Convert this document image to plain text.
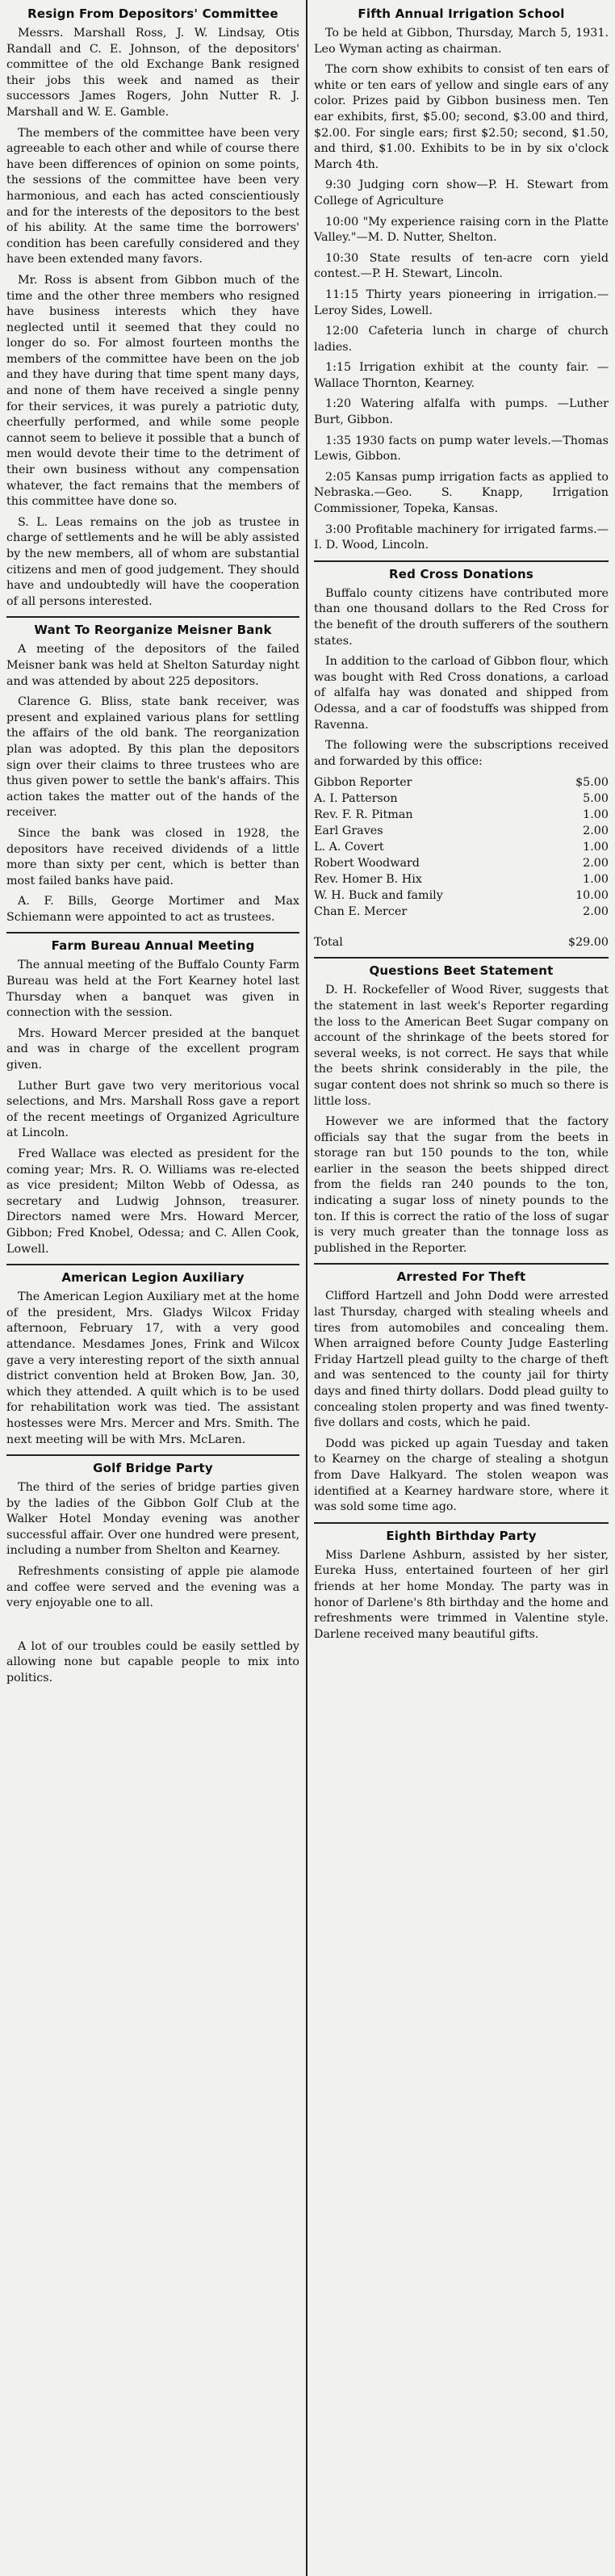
Resign From Depositors' Committee

Messrs. Marshall Ross, J. W. Lindsay, Otis Randall and C. E. Johnson, of the depositors' committee of the old Exchange Bank resigned their jobs this week and named as their successors James Rogers, John Nutter R. J. Marshall and W. E. Gamble.

The members of the committee have been very agreeable to each other and while of course there have been differences of opinion on some points, the sessions of the committee have been very harmonious, and each has acted conscientiously and for the interests of the depositors to the best of his ability. At the same time the borrowers' condition has been carefully considered and they have been extended many favors.

Mr. Ross is absent from Gibbon much of the time and the other three members who resigned have business interests which they have neglected until it seemed that they could no longer do so. For almost fourteen months the members of the committee have been on the job and they have during that time spent many days, and none of them have received a single penny for their services, it was purely a patriotic duty, cheerfully performed, and while some people cannot seem to believe it possible that a bunch of men would devote their time to the detriment of their own business without any compensation whatever, the fact remains that the members of this committee have done so.

S. L. Leas remains on the job as trustee in charge of settlements and he will be ably assisted by the new members, all of whom are substantial citizens and men of good judgement. They should have and undoubtedly will have the cooperation of all persons interested.

Want To Reorganize Meisner Bank

A meeting of the depositors of the failed Meisner bank was held at Shelton Saturday night and was attended by about 225 depositors.

Clarence G. Bliss, state bank receiver, was present and explained various plans for settling the affairs of the old bank. The reorganization plan was adopted. By this plan the depositors sign over their claims to three trustees who are thus given power to settle the bank's affairs. This action takes the matter out of the hands of the receiver.

Since the bank was closed in 1928, the depositors have received dividends of a little more than sixty per cent, which is better than most failed banks have paid.

A. F. Bills, George Mortimer and Max Schiemann were appointed to act as trustees.

Farm Bureau Annual Meeting

The annual meeting of the Buffalo County Farm Bureau was held at the Fort Kearney hotel last Thursday when a banquet was given in connection with the session.

Mrs. Howard Mercer presided at the banquet and was in charge of the excellent program given.

Luther Burt gave two very meritorious vocal selections, and Mrs. Marshall Ross gave a report of the recent meetings of Organized Agriculture at Lincoln.

Fred Wallace was elected as president for the coming year; Mrs. R. O. Williams was re-elected as vice president; Milton Webb of Odessa, as secretary and Ludwig Johnson, treasurer. Directors named were Mrs. Howard Mercer, Gibbon; Fred Knobel, Odessa; and C. Allen Cook, Lowell.

American Legion Auxiliary

The American Legion Auxiliary met at the home of the president, Mrs. Gladys Wilcox Friday afternoon, February 17, with a very good attendance. Mesdames Jones, Frink and Wilcox gave a very interesting report of the sixth annual district convention held at Broken Bow, Jan. 30, which they attended. A quilt which is to be used for rehabilitation work was tied. The assistant hostesses were Mrs. Mercer and Mrs. Smith. The next meeting will be with Mrs. McLaren.

Golf Bridge Party

The third of the series of bridge parties given by the ladies of the Gibbon Golf Club at the Walker Hotel Monday evening was another successful affair. Over one hundred were present, including a number from Shelton and Kearney.

Refreshments consisting of apple pie alamode and coffee were served and the evening was a very enjoyable one to all.

A lot of our troubles could be easily settled by allowing none but capable people to mix into politics.

Fifth Annual Irrigation School

To be held at Gibbon, Thursday, March 5, 1931. Leo Wyman acting as chairman.

The corn show exhibits to consist of ten ears of white or ten ears of yellow and single ears of any color. Prizes paid by Gibbon business men. Ten ear exhibits, first, $5.00; second, $3.00 and third, $2.00. For single ears; first $2.50; second, $1.50, and third, $1.00. Exhibits to be in by six o'clock March 4th.

9:30 Judging corn show—P. H. Stewart from College of Agriculture

10:00 "My experience raising corn in the Platte Valley."—M. D. Nutter, Shelton.

10:30 State results of ten-acre corn yield contest.—P. H. Stewart, Lincoln.

11:15 Thirty years pioneering in irrigation.—Leroy Sides, Lowell.

12:00 Cafeteria lunch in charge of church ladies.

1:15 Irrigation exhibit at the county fair. — Wallace Thornton, Kearney.

1:20 Watering alfalfa with pumps. —Luther Burt, Gibbon.

1:35 1930 facts on pump water levels.—Thomas Lewis, Gibbon.

2:05 Kansas pump irrigation facts as applied to Nebraska.—Geo. S. Knapp, Irrigation Commissioner, Topeka, Kansas.

3:00 Profitable machinery for irrigated farms.—I. D. Wood, Lincoln.

Red Cross Donations

Buffalo county citizens have contributed more than one thousand dollars to the Red Cross for the benefit of the drouth sufferers of the southern states.

In addition to the carload of Gibbon flour, which was bought with Red Cross donations, a carload of alfalfa hay was donated and shipped from Odessa, and a car of foodstuffs was shipped from Ravenna.

The following were the subscriptions received and forwarded by this office:

Gibbon Reporter	$5.00
A. I. Patterson	5.00
Rev. F. R. Pitman	1.00
Earl Graves	2.00
L. A. Covert	1.00
Robert Woodward	2.00
Rev. Homer B. Hix	1.00
W. H. Buck and family	10.00
Chan E. Mercer	2.00
Total	$29.00
Questions Beet Statement

D. H. Rockefeller of Wood River, suggests that the statement in last week's Reporter regarding the loss to the American Beet Sugar company on account of the shrinkage of the beets stored for several weeks, is not correct. He says that while the beets shrink considerably in the pile, the sugar content does not shrink so much so there is little loss.

However we are informed that the factory officials say that the sugar from the beets in storage ran but 150 pounds to the ton, while earlier in the season the beets shipped direct from the fields ran 240 pounds to the ton, indicating a sugar loss of ninety pounds to the ton. If this is correct the ratio of the loss of sugar is very much greater than the tonnage loss as published in the Reporter.

Arrested For Theft

Clifford Hartzell and John Dodd were arrested last Thursday, charged with stealing wheels and tires from automobiles and concealing them. When arraigned before County Judge Easterling Friday Hartzell plead guilty to the charge of theft and was sentenced to the county jail for thirty days and fined thirty dollars. Dodd plead guilty to concealing stolen property and was fined twenty-five dollars and costs, which he paid.

Dodd was picked up again Tuesday and taken to Kearney on the charge of stealing a shotgun from Dave Halkyard. The stolen weapon was identified at a Kearney hardware store, where it was sold some time ago.

Eighth Birthday Party

Miss Darlene Ashburn, assisted by her sister, Eureka Huss, entertained fourteen of her girl friends at her home Monday. The party was in honor of Darlene's 8th birthday and the home and refreshments were trimmed in Valentine style. Darlene received many beautiful gifts.
